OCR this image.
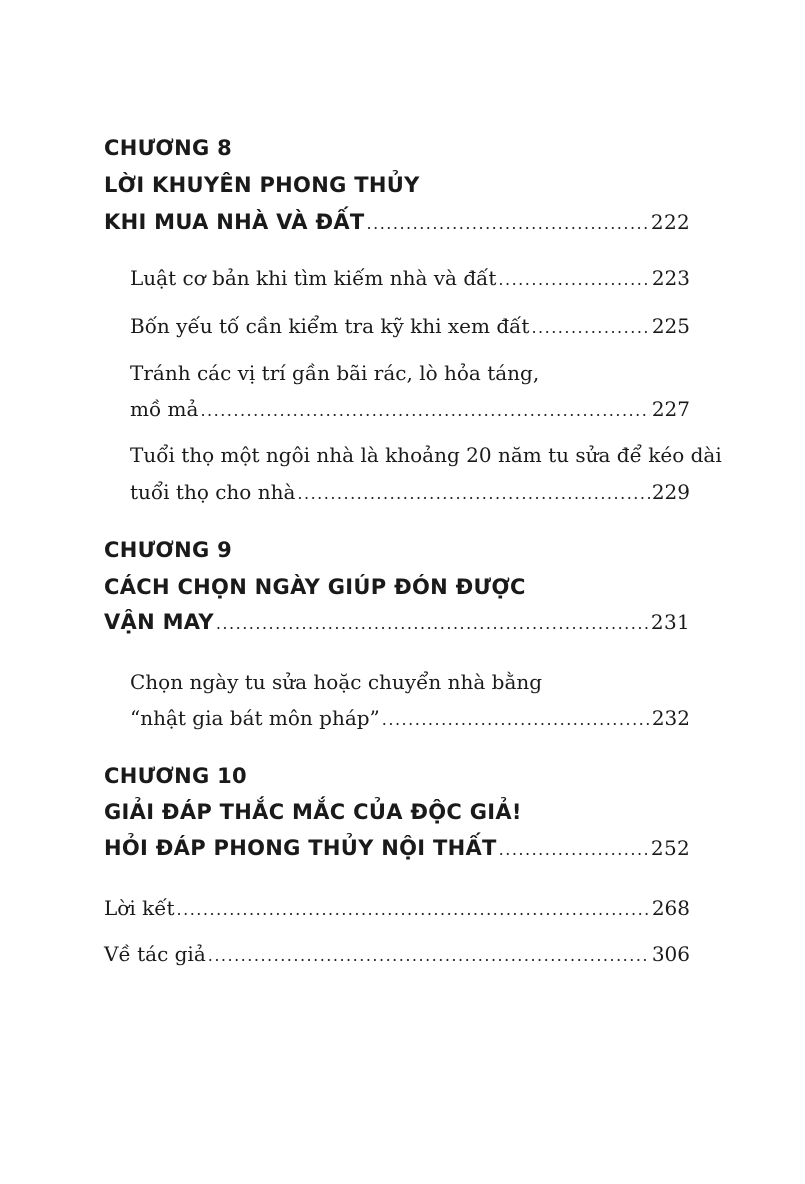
CHƯƠNG 8
LỜI KHUYÊN PHONG THỦY
KHI MUA NHÀ VÀ ĐẤT .....	222
Luật cơ bản khi tìm kiếm nhà và đất .....	223
Bốn yếu tố cần kiểm tra kỹ khi xem đất .....	225
Tránh các vị trí gần bãi rác, lò hỏa táng,
mồ mả .....	227
Tuổi thọ một ngôi nhà là khoảng 20 năm tu sửa để kéo dài
tuổi thọ cho nhà .....	229
CHƯƠNG 9
CÁCH CHỌN NGÀY GIÚP ĐÓN ĐƯỢC
VẬN MAY .....	231
Chọn ngày tu sửa hoặc chuyển nhà bằng
“nhật gia bát môn pháp” .....	232
CHƯƠNG 10
GIẢI ĐÁP THẮC MẮC CỦA ĐỘC GIẢ!
HỎI ĐÁP PHONG THỦY NỘI THẤT .....	252
Lời kết .....	268
Về tác giả .....	306
